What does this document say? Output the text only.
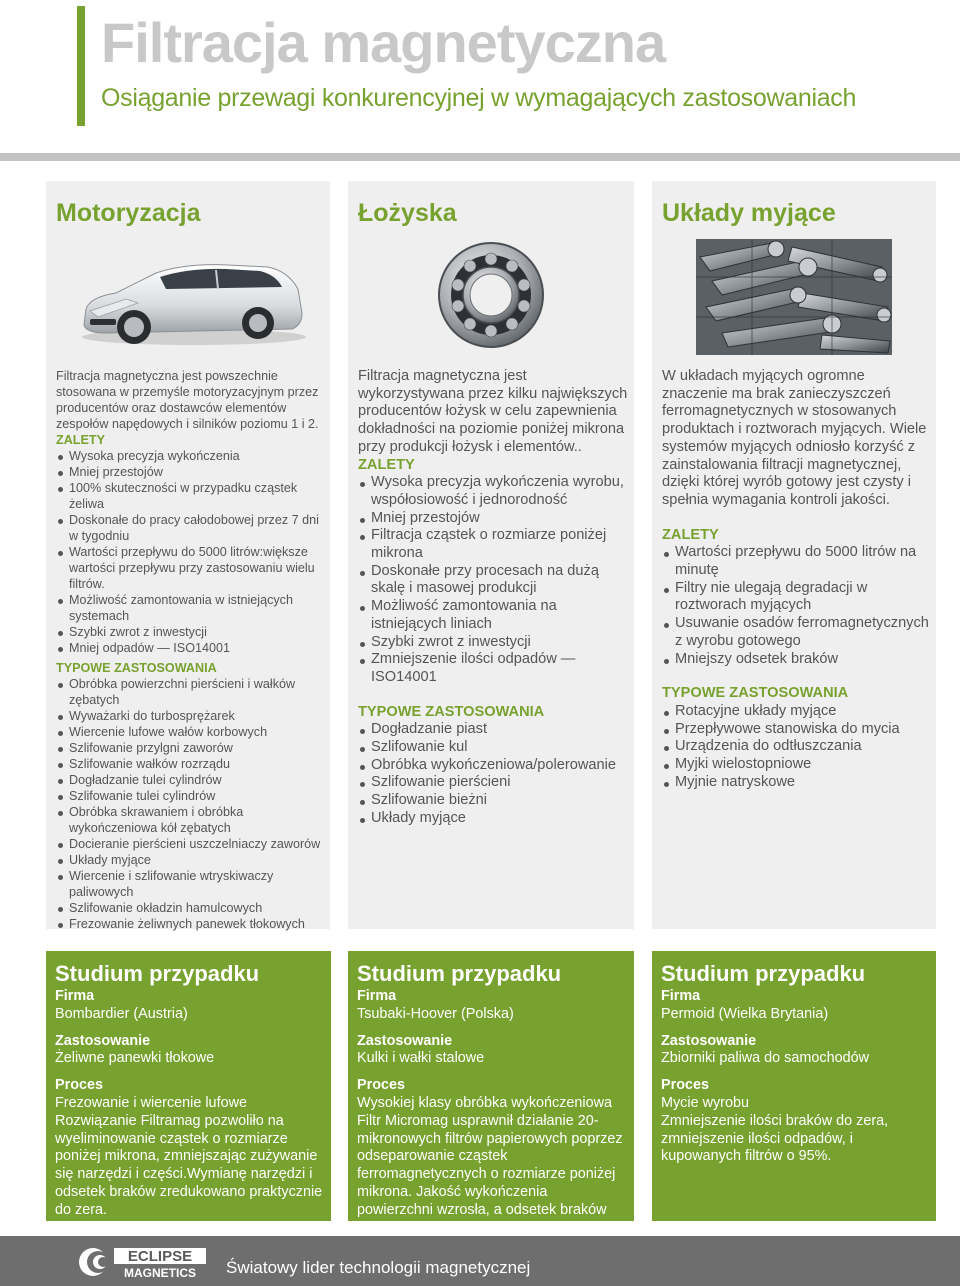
Filtracja magnetyczna
Osiąganie przewagi konkurencyjnej w wymagających zastosowaniach
Motoryzacja

Filtracja magnetyczna jest powszechnie stosowana w przemyśle motoryzacyjnym przez producentów oraz dostawców elementów zespołów napędowych i silników poziomu 1 i 2.

ZALETY

Wysoka precyzja wykończenia
Mniej przestojów
100% skuteczności w przypadku cząstek żeliwa
Doskonałe do pracy całodobowej przez 7 dni w tygodniu
Wartości przepływu do 5000 litrów:większe wartości przepływu przy zastosowaniu wielu filtrów.
Możliwość zamontowania w istniejących systemach
Szybki zwrot z inwestycji
Mniej odpadów — ISO14001

TYPOWE ZASTOSOWANIA

Obróbka powierzchni pierścieni i wałków zębatych
Wyważarki do turbosprężarek
Wiercenie lufowe wałów korbowych
Szlifowanie przylgni zaworów
Szlifowanie wałków rozrządu
Dogładzanie tulei cylindrów
Szlifowanie tulei cylindrów
Obróbka skrawaniem i obróbka wykończeniowa kół zębatych
Docieranie pierścieni uszczelniaczy zaworów
Układy myjące
Wiercenie i szlifowanie wtryskiwaczy paliwowych
Szlifowanie okładzin hamulcowych
Frezowanie żeliwnych panewek tłokowych
Łożyska

Filtracja magnetyczna jest wykorzystywana przez kilku największych producentów łożysk w celu zapewnienia dokładności na poziomie poniżej mikrona przy produkcji łożysk i elementów..

ZALETY

Wysoka precyzja wykończenia wyrobu, współosiowość i jednorodność
Mniej przestojów
Filtracja cząstek o rozmiarze poniżej mikrona
Doskonałe przy procesach na dużą skalę i masowej produkcji
Możliwość zamontowania na istniejących liniach
Szybki zwrot z inwestycji
Zmniejszenie ilości odpadów — ISO14001

TYPOWE ZASTOSOWANIA

Dogładzanie piast
Szlifowanie kul
Obróbka wykończeniowa/polerowanie
Szlifowanie pierścieni
Szlifowanie bieżni
Układy myjące
Układy myjące

W układach myjących ogromne znaczenie ma brak zanieczyszczeń ferromagnetycznych w stosowanych produktach i roztworach myjących. Wiele systemów myjących odniosło korzyść z zainstalowania filtracji magnetycznej, dzięki której wyrób gotowy jest czysty i spełnia wymagania kontroli jakości.

ZALETY

Wartości przepływu do 5000 litrów na minutę
Filtry nie ulegają degradacji w roztworach myjących
Usuwanie osadów ferromagnetycznych z wyrobu gotowego
Mniejszy odsetek braków

TYPOWE ZASTOSOWANIA

Rotacyjne układy myjące
Przepływowe stanowiska do mycia
Urządzenia do odtłuszczania
Myjki wielostopniowe
Myjnie natryskowe
Studium przypadku
Firma
Bombardier (Austria)
Zastosowanie
Żeliwne panewki tłokowe
Proces
Frezowanie i wiercenie lufowe
Rozwiązanie Filtramag pozwoliło na wyeliminowanie cząstek o rozmiarze poniżej mikrona, zmniejszając zużywanie się narzędzi i części.Wymianę narzędzi i odsetek braków zredukowano praktycznie do zera.
Studium przypadku
Firma
Tsubaki-Hoover (Polska)
Zastosowanie
Kulki i wałki stalowe
Proces
Wysokiej klasy obróbka wykończeniowa
Filtr Micromag usprawnił działanie 20-mikronowych filtrów papierowych poprzez odseparowanie cząstek ferromagnetycznych o rozmiarze poniżej mikrona. Jakość wykończenia powierzchni wzrosła, a odsetek braków radykalnie spadł.
Studium przypadku
Firma
Permoid (Wielka Brytania)
Zastosowanie
Zbiorniki paliwa do samochodów
Proces
Mycie wyrobu
Zmniejszenie ilości braków do zera, zmniejszenie ilości odpadów, i kupowanych filtrów o 95%.
ECLIPSE
MAGNETICS Światowy lider technologii magnetycznej
